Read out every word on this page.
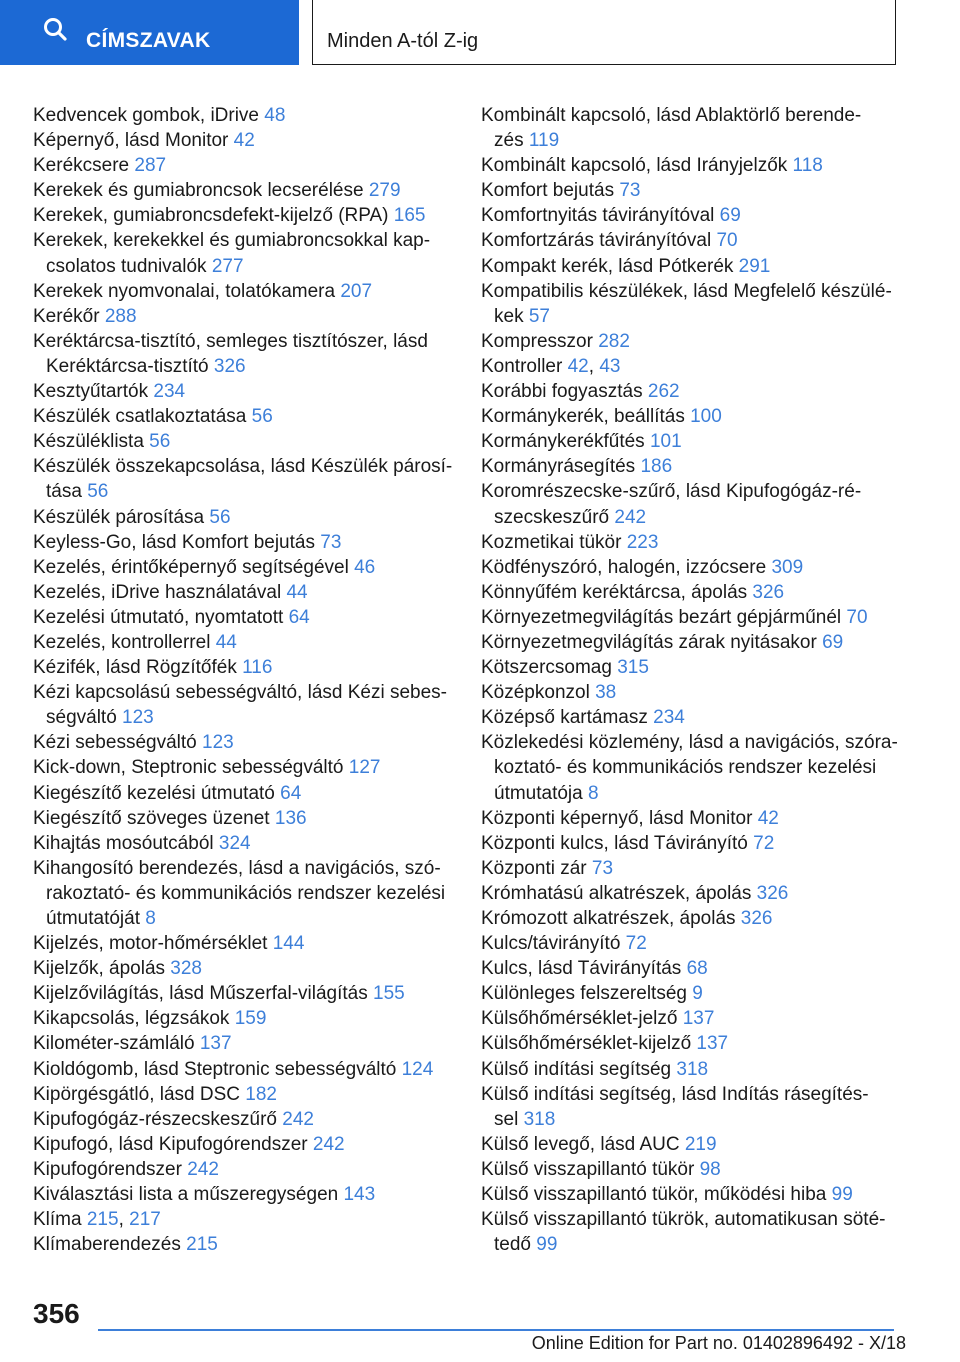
CÍMSZAVAK	Minden A-tól Z-ig
Kedvencek gombok, iDrive 48
Képernyő, lásd Monitor 42
Kerékcsere 287
Kerekek és gumiabroncsok lecserélése 279
Kerekek, gumiabroncsdefekt-kijelző (RPA) 165
Kerekek, kerekekkel és gumiabroncsokkal kap-
csolatos tudnivalók 277
Kerekek nyomvonalai, tolatókamera 207
Kerékőr 288
Keréktárcsa-tisztító, semleges tisztítószer, lásd
Keréktárcsa-tisztító 326
Kesztyűtartók 234
Készülék csatlakoztatása 56
Készüléklista 56
Készülék összekapcsolása, lásd Készülék párosí-
tása 56
Készülék párosítása 56
Keyless-Go, lásd Komfort bejutás 73
Kezelés, érintőképernyő segítségével 46
Kezelés, iDrive használatával 44
Kezelési útmutató, nyomtatott 64
Kezelés, kontrollerrel 44
Kézifék, lásd Rögzítőfék 116
Kézi kapcsolású sebességváltó, lásd Kézi sebes-
ségváltó 123
Kézi sebességváltó 123
Kick-down, Steptronic sebességváltó 127
Kiegészítő kezelési útmutató 64
Kiegészítő szöveges üzenet 136
Kihajtás mosóutcából 324
Kihangosító berendezés, lásd a navigációs, szó-
rakoztató- és kommunikációs rendszer kezelési
útmutatóját 8
Kijelzés, motor-hőmérséklet 144
Kijelzők, ápolás 328
Kijelzővilágítás, lásd Műszerfal-világítás 155
Kikapcsolás, légzsákok 159
Kilométer-számláló 137
Kioldógomb, lásd Steptronic sebességváltó 124
Kipörgésgátló, lásd DSC 182
Kipufogógáz-részecskeszűrő 242
Kipufogó, lásd Kipufogórendszer 242
Kipufogórendszer 242
Kiválasztási lista a műszeregységen 143
Klíma 215, 217
Klímaberendezés 215
Kombinált kapcsoló, lásd Ablaktörlő berende-
zés 119
Kombinált kapcsoló, lásd Irányjelzők 118
Komfort bejutás 73
Komfortnyitás távirányítóval 69
Komfortzárás távirányítóval 70
Kompakt kerék, lásd Pótkerék 291
Kompatibilis készülékek, lásd Megfelelő készülé-
kek 57
Kompresszor 282
Kontroller 42, 43
Korábbi fogyasztás 262
Kormánykerék, beállítás 100
Kormánykerékfűtés 101
Kormányrásegítés 186
Koromrészecske-szűrő, lásd Kipufogógáz-ré-
szecskeszűrő 242
Kozmetikai tükör 223
Ködfényszóró, halogén, izzócsere 309
Könnyűfém keréktárcsa, ápolás 326
Környezetmegvilágítás bezárt gépjárműnél 70
Környezetmegvilágítás zárak nyitásakor 69
Kötszercsomag 315
Középkonzol 38
Középső kartámasz 234
Közlekedési közlemény, lásd a navigációs, szóra-
koztató- és kommunikációs rendszer kezelési
útmutatója 8
Központi képernyő, lásd Monitor 42
Központi kulcs, lásd Távirányító 72
Központi zár 73
Krómhatású alkatrészek, ápolás 326
Krómozott alkatrészek, ápolás 326
Kulcs/távirányító 72
Kulcs, lásd Távirányítás 68
Különleges felszereltség 9
Külsőhőmérséklet-jelző 137
Külsőhőmérséklet-kijelző 137
Külső indítási segítség 318
Külső indítási segítség, lásd Indítás rásegítés-
sel 318
Külső levegő, lásd AUC 219
Külső visszapillantó tükör 98
Külső visszapillantó tükör, működési hiba 99
Külső visszapillantó tükrök, automatikusan söté-
tedő 99
356
Online Edition for Part no. 01402896492 - X/18
